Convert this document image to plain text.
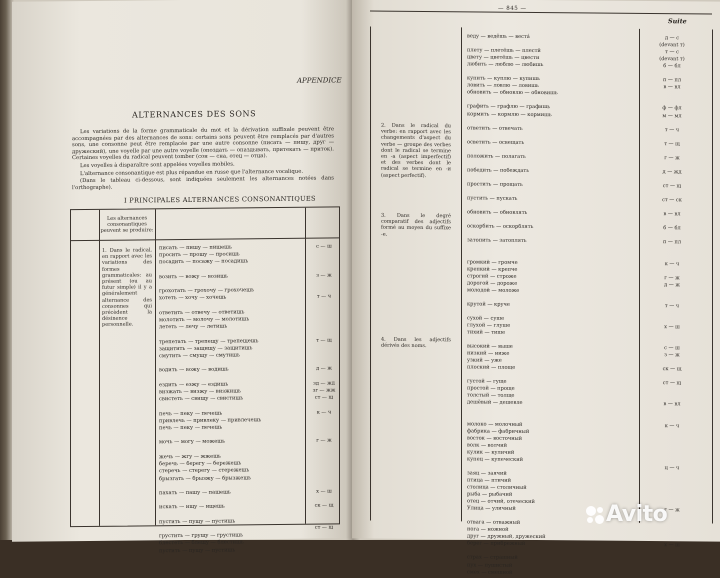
APPENDICE
ALTERNANCES DES SONS

Les variations de la forme grammaticale du mot et la dérivation suffixale peuvent être accompagnées par des alternances de sons: certains sons peuvent être remplacés par d'autres sons, une consonne peut être remplacée par une autre consonne (писать — пишу, друг — дружеский), une voyelle par une autre voyelle (опоздать — опаздывать, притекать — приток). Certaines voyelles du radical peuvent tomber (сон — сна, отец — отца).

Les voyelles à disparaître sont appelées voyelles mobiles.

L'alternance consonantique est plus répandue en russe que l'alternance vocalique.

(Dans le tableau ci-dessous, sont indiquées seulement les alternances notées dans l'orthographe).

I PRINCIPALES ALTERNANCES CONSONANTIQUES
Les alternances consonantiques peuvent se produire:
1. Dans le radical, en rapport avec les variations des formes grammaticales: au présent (ou au futur simple) il y a généralement alternance des consonnes qui précèdent la désinence personnelle.
писать — пишу — пишешь
просить — прошу — просишь
посадить — посажу — посадишь

возить — вожу — возишь

грохотать — грохочу — грохочешь
хотеть — хочу — хочешь

ответить — отвечу — ответишь
молотить — молочу — молотишь
лететь — лечу — летишь

трепетать — трепещу — трепещешь
защитить — защищу — защитишь
смутить — смущу — смутишь

водить — вожу — водишь

ездить — езжу — ездишь
визжать — визжу — визжишь
свистеть — свищу — свистишь

печь — пеку — печешь
привлечь — привлеку — привлечешь
печь — пеку — печешь

мочь — могу — можешь

жечь — жгу — жжешь
беречь — берегу — бережешь
стеречь — стерегу — стережешь
брызгать — брызжу — брызжешь

пахать — пашу — пашешь

искать — ищу — ищешь

пустить — пущу — пустишь

грустить — грущу — грустишь
блестеть — блещу — блестишь
пустить — пущу — пустишь
с — ш

з — ж

т — ч

т — щ

д — ж

зд — жд
зг — жж
ст — щ

к — ч

г — ж

х — ш

ск — щ

ст — щ

— 845 —
Suite
2. Dans le radical du verbe: en rapport avec les changements d'aspect du verbe — groupe des verbes dont le radical se termine en -a (aspect imperfectif) et des verbes dont le radical se termine en -и (aspect perfectif).
3. Dans le degré comparatif des adjectifs formé au moyen du suffixe -e.
4. Dans les adjectifs dérivés des noms.
веду — ведёшь — вестá

плету — плетёшь — плестй
цвету — цветёшь — цвести
любить — люблю — любишь

купить — куплю — купишь
ловить — ловлю — ловишь
обновить — обновлю — обновишь

графить — графлю — графишь
кормить — кормлю — кормишь

ответить — отвечать

осветить — освещать

положить — полагать

победить — побеждать

простить — прощать

пустить — пускать

обновить — обновлять

оскорбить — оскорблять

затопить — затоплять

громкий — громче
крепкий — крепче
строгий — строже
дорогой — дороже
молодой — моложе

крутой — круче

сухой — суше
глухой — глуше
тихий — тише

высокий — выше
низкий — ниже
узкий — уже
плоский — площе

густой — гуще
простой — проще
толстый — толще
дешёвый — дешевле

молоко — молочный
фабрика — фабричный
восток — восточный
волк — волчий
кулик — куличий
купец — купеческий

заяц — заячий
птица — птичий
столица — столичный
рыба — рыбачий
отец — отчий, отеческий
Улица — уличный

отвага — отважный
нога — ножной
друг — дружный, дружеский
берег — прибрежный

страх — страшный
пух — пушистый
смех — смешной
д — с
(devant т)
т — с
(devant т)
б — бл

п — пл
в — вл

ф — фл
м — мл

т — ч

т — щ

г — ж

д — жд

ст — щ

ст — ск

в — вл

б — бл

п — пл

к — ч

г — ж
д — ж

т — ч

х — ш

с — ш
з — ж

ск — щ

ст — щ

в — вл

к — ч

ц — ч

г — ж

х — ш
Avito
